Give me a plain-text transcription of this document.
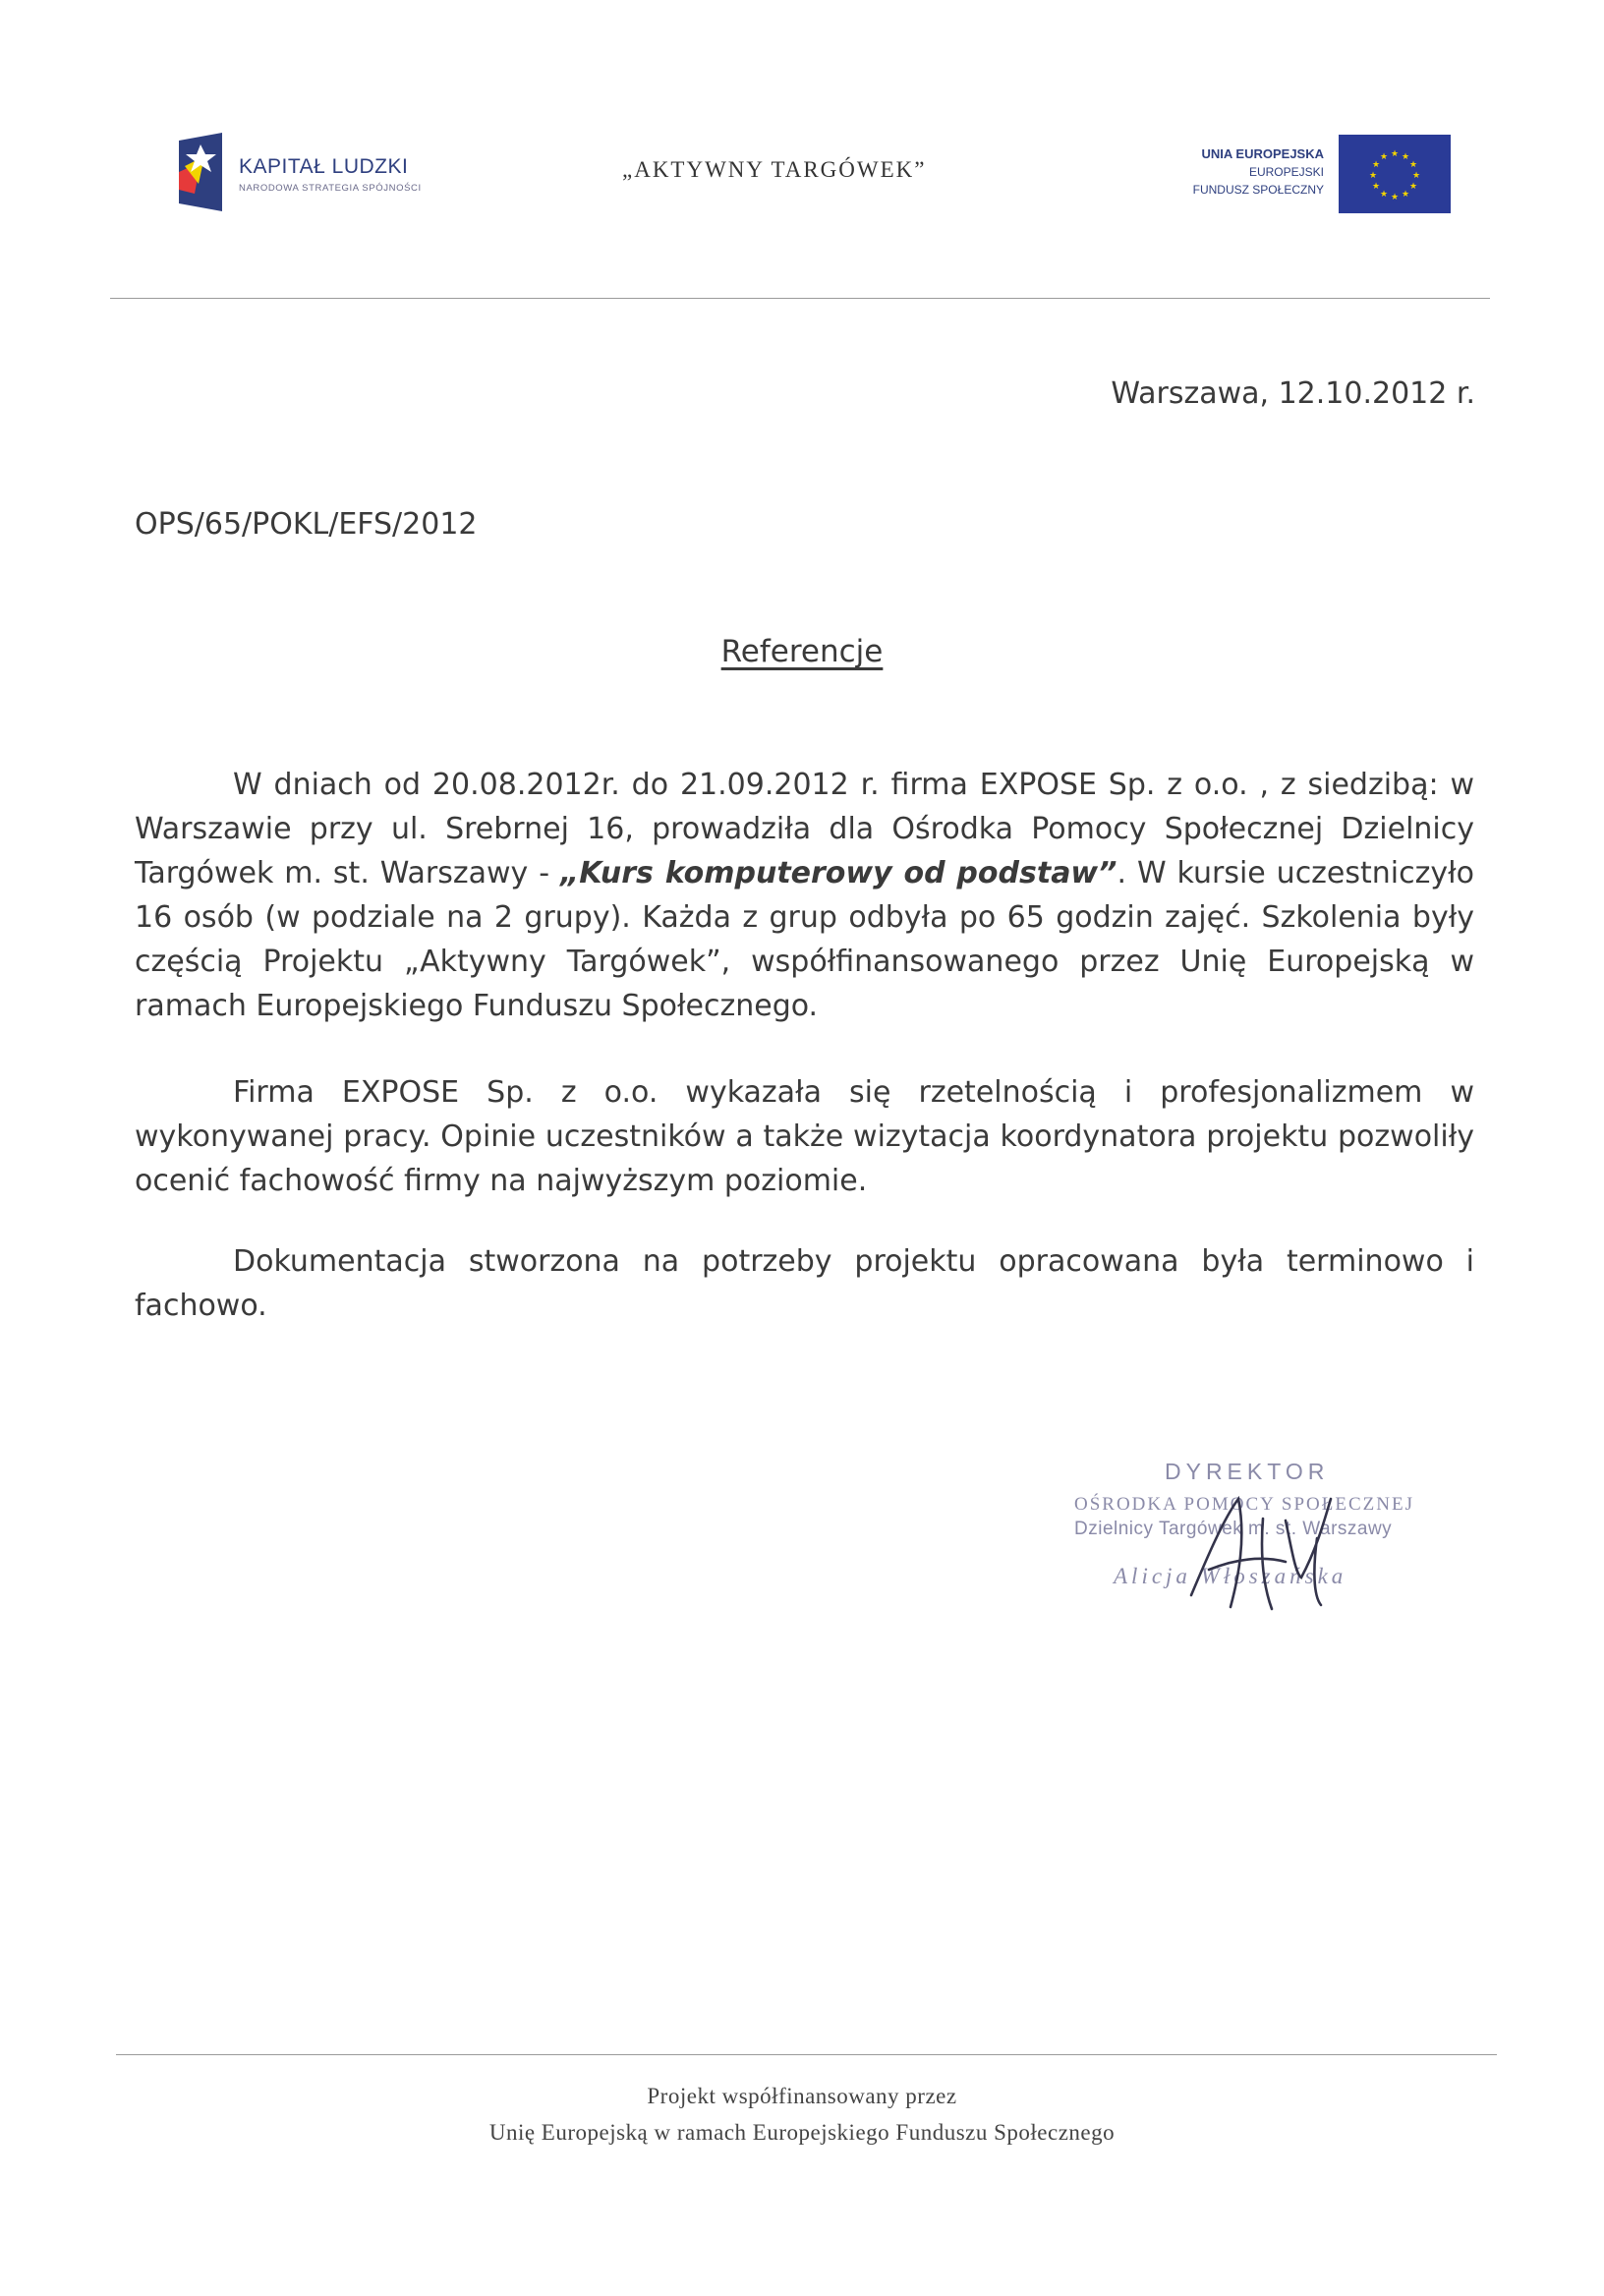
KAPITAŁ LUDZKI
NARODOWA STRATEGIA SPÓJNOŚCI
„AKTYWNY TARGÓWEK”
UNIA EUROPEJSKA
EUROPEJSKI
FUNDUSZ SPOŁECZNY
★ ★
★
★
★
★
★
★
★
★
★
★
Warszawa, 12.10.2012 r.
OPS/65/POKL/EFS/2012
Referencje

W dniach od 20.08.2012r. do 21.09.2012 r. firma EXPOSE Sp. z o.o. , z siedzibą: w Warszawie przy ul. Srebrnej 16, prowadziła dla Ośrodka Pomocy Społecznej Dzielnicy Targówek m. st. Warszawy - „Kurs komputerowy od podstaw”. W kursie uczestniczyło 16 osób (w podziale na 2 grupy). Każda z grup odbyła po 65 godzin zajęć. Szkolenia były częścią Projektu „Aktywny Targówek”, współfinansowanego przez Unię Europejską w ramach Europejskiego Funduszu Społecznego.

Firma EXPOSE Sp. z o.o. wykazała się rzetelnością i profesjonalizmem w wykonywanej pracy. Opinie uczestników a także wizytacja koordynatora projektu pozwoliły ocenić fachowość firmy na najwyższym poziomie.

Dokumentacja stworzona na potrzeby projektu opracowana była terminowo i fachowo.

DYREKTOR
OŚRODKA POMOCY SPOŁECZNEJ
Dzielnicy Targówek m. st. Warszawy
Alicja Włoszańska
Projekt współfinansowany przez
Unię Europejską w ramach Europejskiego Funduszu Społecznego
